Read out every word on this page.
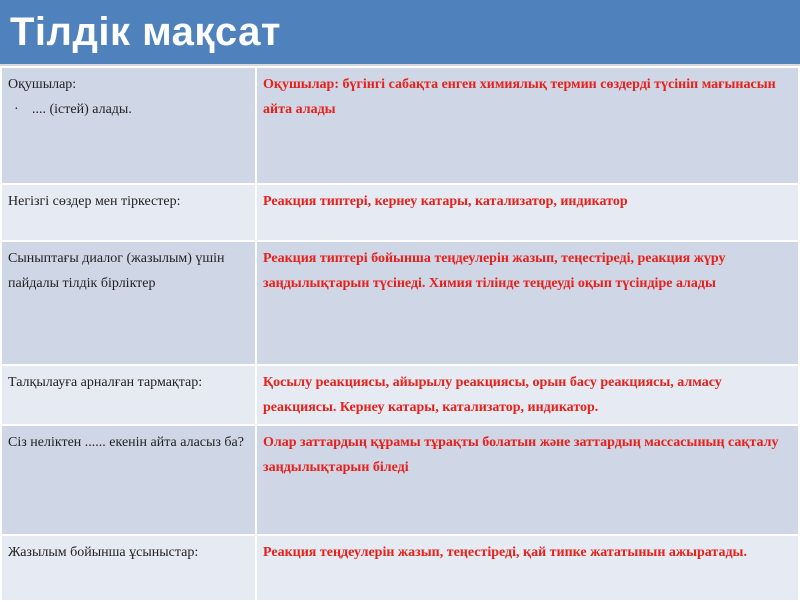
Тілдік мақсат
Оқушылар:
· .... (істей) алады.	Оқушылар: бүгінгі сабақта енген химиялық термин сөздерді түсініп мағынасын айта алады
Негізгі сөздер мен тіркестер:	Реакция типтері, кернеу катары, катализатор, индикатор
Сыныптағы диалог (жазылым) үшін пайдалы тілдік бірліктер	Реакция типтері бойынша теңдеулерін жазып, теңестіреді, реакция жүру заңдылықтарын түсінеді. Химия тілінде теңдеуді оқып түсіндіре алады
Талқылауға арналған тармақтар:	Қосылу реакциясы, айырылу реакциясы, орын басу реакциясы, алмасу реакциясы. Кернеу катары, катализатор, индикатор.
Сіз неліктен ...... екенін айта аласыз ба?	Олар заттардың құрамы тұрақты болатын және заттардың массасының сақталу заңдылықтарын біледі
Жазылым бойынша ұсыныстар:	Реакция теңдеулерін жазып, теңестіреді, қай типке жататынын ажыратады.
